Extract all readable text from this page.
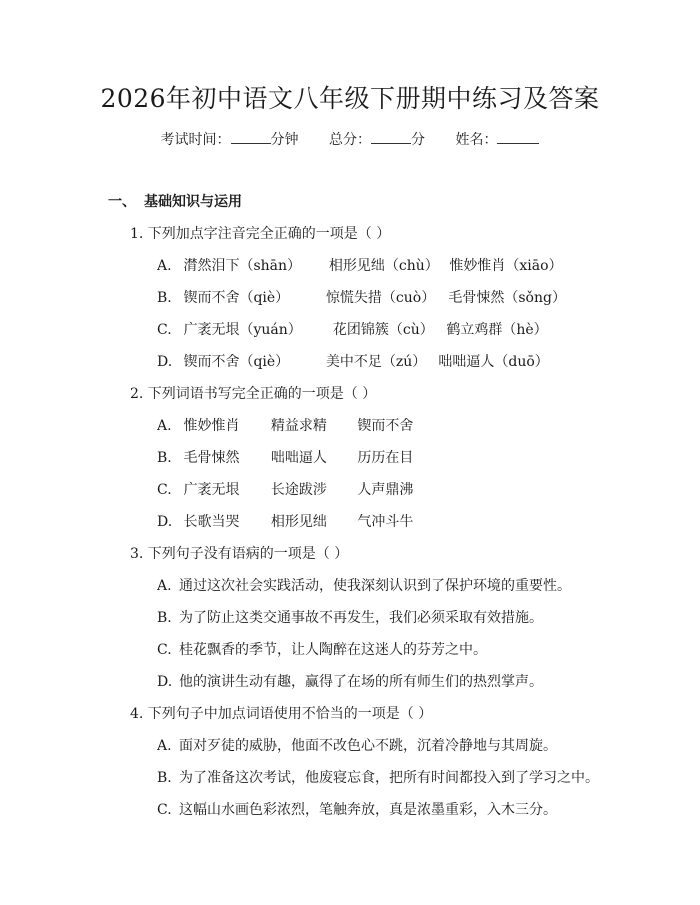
2026年初中语文八年级下册期中练习及答案
考试时间：	分钟 总分：	分 姓名：
一、 基础知识与运用
1. 下列加点字注音完全正确的一项是（ ）
A. 潸然泪下（shān） 相形见绌（chù） 惟妙惟肖（xiāo）
B. 锲而不舍（qiè）	惊慌失措（cuò） 毛骨悚然（sǒng）
C. 广袤无垠（yuán） 花团锦簇（cù） 鹤立鸡群（hè）
D. 锲而不舍（qiè）	美中不足（zú） 咄咄逼人（duō）
2. 下列词语书写完全正确的一项是（ ）
A. 惟妙惟肖 精益求精 锲而不舍
B. 毛骨悚然 咄咄逼人 历历在目
C. 广袤无垠 长途跋涉 人声鼎沸
D. 长歌当哭 相形见绌 气冲斗牛
3. 下列句子没有语病的一项是（ ）
A. 通过这次社会实践活动，使我深刻认识到了保护环境的重要性。
B. 为了防止这类交通事故不再发生，我们必须采取有效措施。
C. 桂花飘香的季节，让人陶醉在这迷人的芬芳之中。
D. 他的演讲生动有趣，赢得了在场的所有师生们的热烈掌声。
4. 下列句子中加点词语使用不恰当的一项是（ ）
A. 面对歹徒的威胁，他面不改色心不跳，沉着冷静地与其周旋。
B. 为了准备这次考试，他废寝忘食，把所有时间都投入到了学习之中。
C. 这幅山水画色彩浓烈，笔触奔放，真是浓墨重彩，入木三分。
